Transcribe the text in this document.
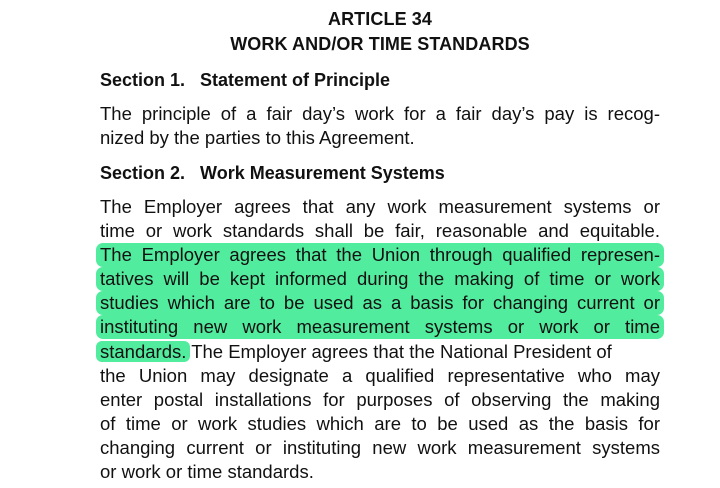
ARTICLE 34
WORK AND/OR TIME STANDARDS
Section 1.   Statement of Principle
The principle of a fair day’s work for a fair day’s pay is recog-
nized by the parties to this Agreement.
Section 2.   Work Measurement Systems
The Employer agrees that any work measurement systems or
time or work standards shall be fair, reasonable and equitable.
The Employer agrees that the Union through qualified represen-
tatives will be kept informed during the making of time or work
studies which are to be used as a basis for changing current or
instituting new work measurement systems or work or time
standards. The Employer agrees that the National President of
the Union may designate a qualified representative who may
enter postal installations for purposes of observing the making
of time or work studies which are to be used as the basis for
changing current or instituting new work measurement systems
or work or time standards.
